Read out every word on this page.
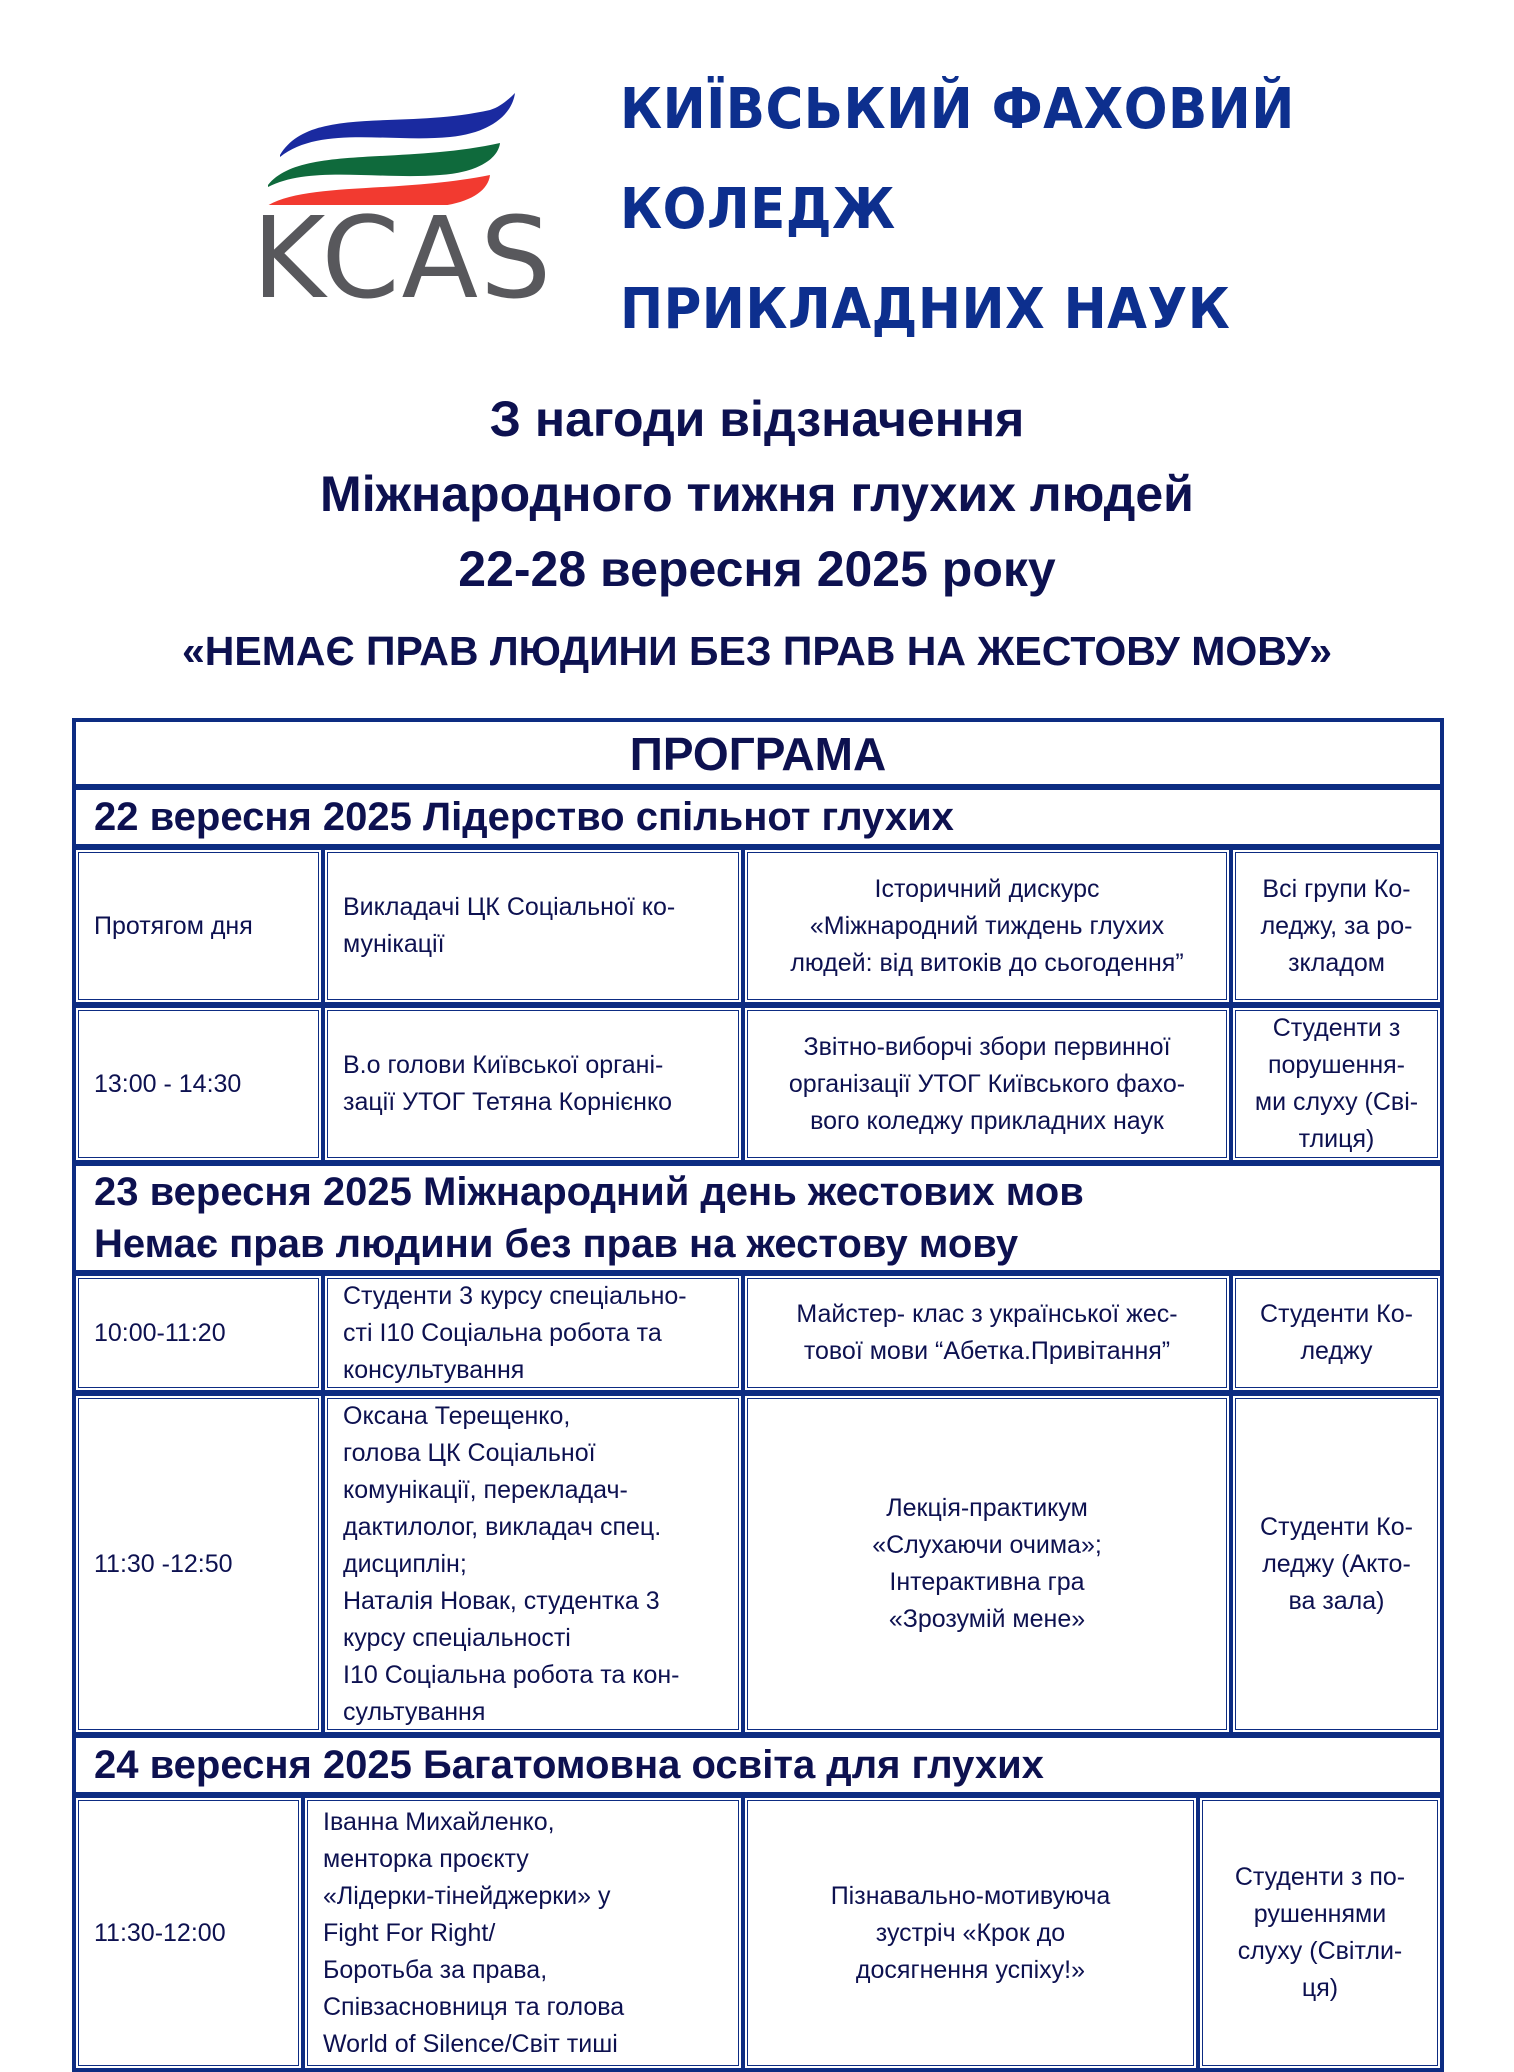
KCAS
КИЇВСЬКИЙ ФАХОВИЙ
КОЛЕДЖ
ПРИКЛАДНИХ НАУК
З нагоди відзначення
Міжнародного тижня глухих людей
22-28 вересня 2025 року
«НЕМАЄ ПРАВ ЛЮДИНИ БЕЗ ПРАВ НА ЖЕСТОВУ МОВУ»
ПРОГРАМА
22 вересня 2025 Лідерство спільнот глухих
Протягом дня
Викладачі ЦК Соціальної ко-
мунікації
Історичний дискурс
«Міжнародний тиждень глухих
людей: від витоків до сьогодення”
Всі групи Ко-
леджу, за ро-
зкладом
13:00 - 14:30
В.о голови Київської органі-
зації УТОГ Тетяна Корнієнко
Звітно-виборчі збори первинної
організації УТОГ Київського фахо-
вого коледжу прикладних наук
Студенти з
порушення-
ми слуху (Сві-
тлиця)
23 вересня 2025 Міжнародний день жестових мов
Немає прав людини без прав на жестову мову
10:00-11:20
Студенти 3 курсу спеціально-
сті І10 Соціальна робота та
консультування
Майстер- клас з української жес-
тової мови “Абетка.Привітання”
Студенти Ко-
леджу
11:30 -12:50
Оксана Терещенко,
голова ЦК Соціальної
комунікації, перекладач-
дактилолог, викладач спец.
дисциплін;
Наталія Новак, студентка 3
курсу спеціальності
І10 Соціальна робота та кон-
сультування
Лекція-практикум
«Слухаючи очима»;
Інтерактивна гра
«Зрозумій мене»
Студенти Ко-
леджу (Акто-
ва зала)
24 вересня 2025 Багатомовна освіта для глухих
11:30-12:00
Іванна Михайленко,
менторка проєкту
«Лідерки-тінейджерки» у
Fight For Right/
Боротьба за права,
Співзасновниця та голова
World of Silence/Світ тиші
Пізнавально-мотивуюча
зустріч «Крок до
досягнення успіху!»
Студенти з по-
рушеннями
слуху (Світли-
ця)
